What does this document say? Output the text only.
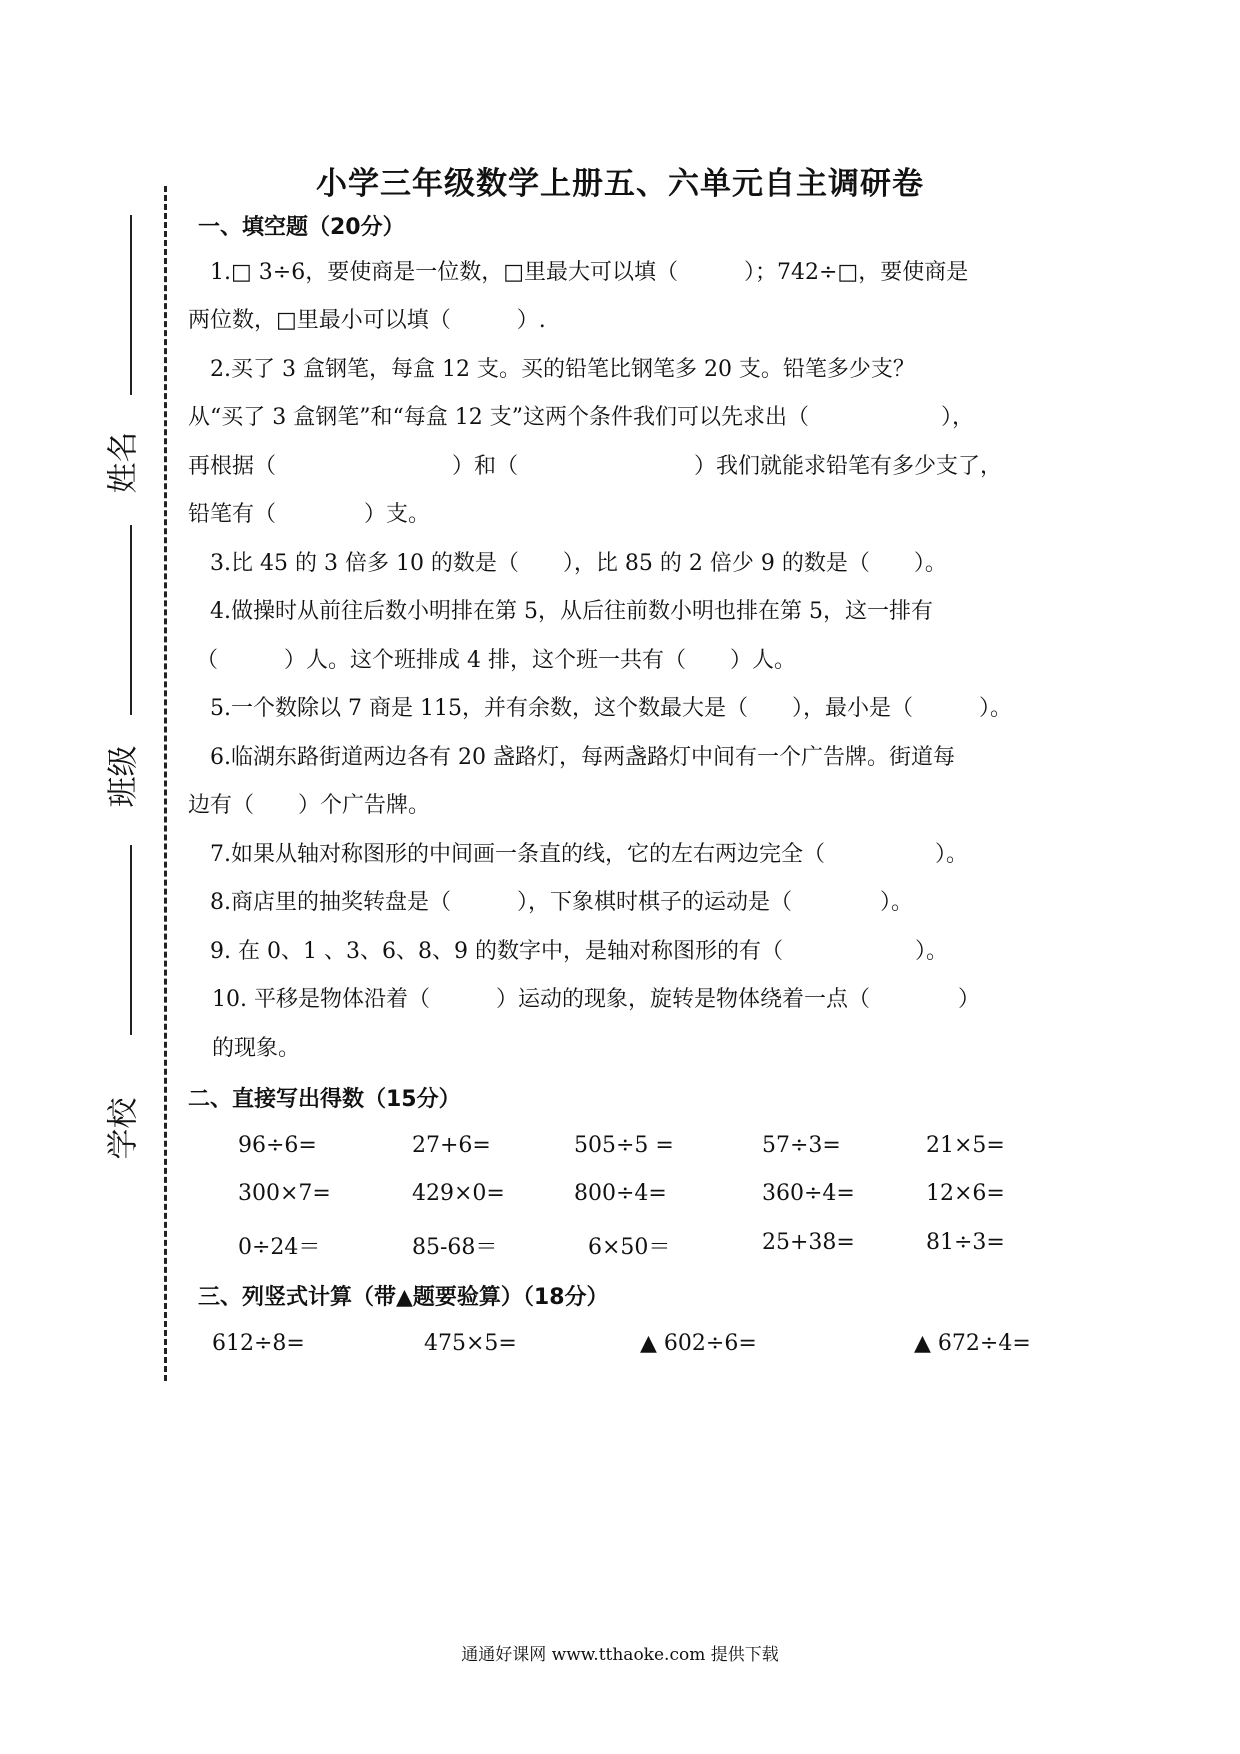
姓名
班级
学校
小学三年级数学上册五、六单元自主调研卷
一、填空题（20分）
1.□ 3÷6，要使商是一位数，□里最大可以填（　　　）；742÷□，要使商是
两位数，□里最小可以填（　　　）.
2.买了 3 盒钢笔，每盒 12 支。买的铅笔比钢笔多 20 支。铅笔多少支？
从“买了 3 盒钢笔”和“每盒 12 支”这两个条件我们可以先求出（　　　　　　），
再根据（　　　　　　　　）和（　　　　　　　　）我们就能求铅笔有多少支了，
铅笔有（　　　　）支。
3.比 45 的 3 倍多 10 的数是（　　），比 85 的 2 倍少 9 的数是（　　）。
4.做操时从前往后数小明排在第 5，从后往前数小明也排在第 5，这一排有
（　　　）人。这个班排成 4 排，这个班一共有（　　）人。
5.一个数除以 7 商是 115，并有余数，这个数最大是（　　），最小是（　　　）。
6.临湖东路街道两边各有 20 盏路灯，每两盏路灯中间有一个广告牌。街道每
边有（　　）个广告牌。
7.如果从轴对称图形的中间画一条直的线，它的左右两边完全（　　　　　）。
8.商店里的抽奖转盘是（　　　），下象棋时棋子的运动是（　　　　）。
9. 在 0、1 、3、6、8、9 的数字中，是轴对称图形的有（　　　　　　）。
10. 平移是物体沿着（　　　）运动的现象，旋转是物体绕着一点（　　　　）
的现象。
二、直接写出得数（15分）
96÷6=	27+6=	505÷5 =	57÷3=	21×5=
300×7=	429×0=	800÷4=	360÷4=	12×6=
0÷24＝	85-68＝	6×50＝	25+38=	81÷3=
三、列竖式计算（带▲题要验算）（18分）
612÷8=	475×5=	▲ 602÷6=	▲ 672÷4=
通通好课网 www.tthaoke.com 提供下载
